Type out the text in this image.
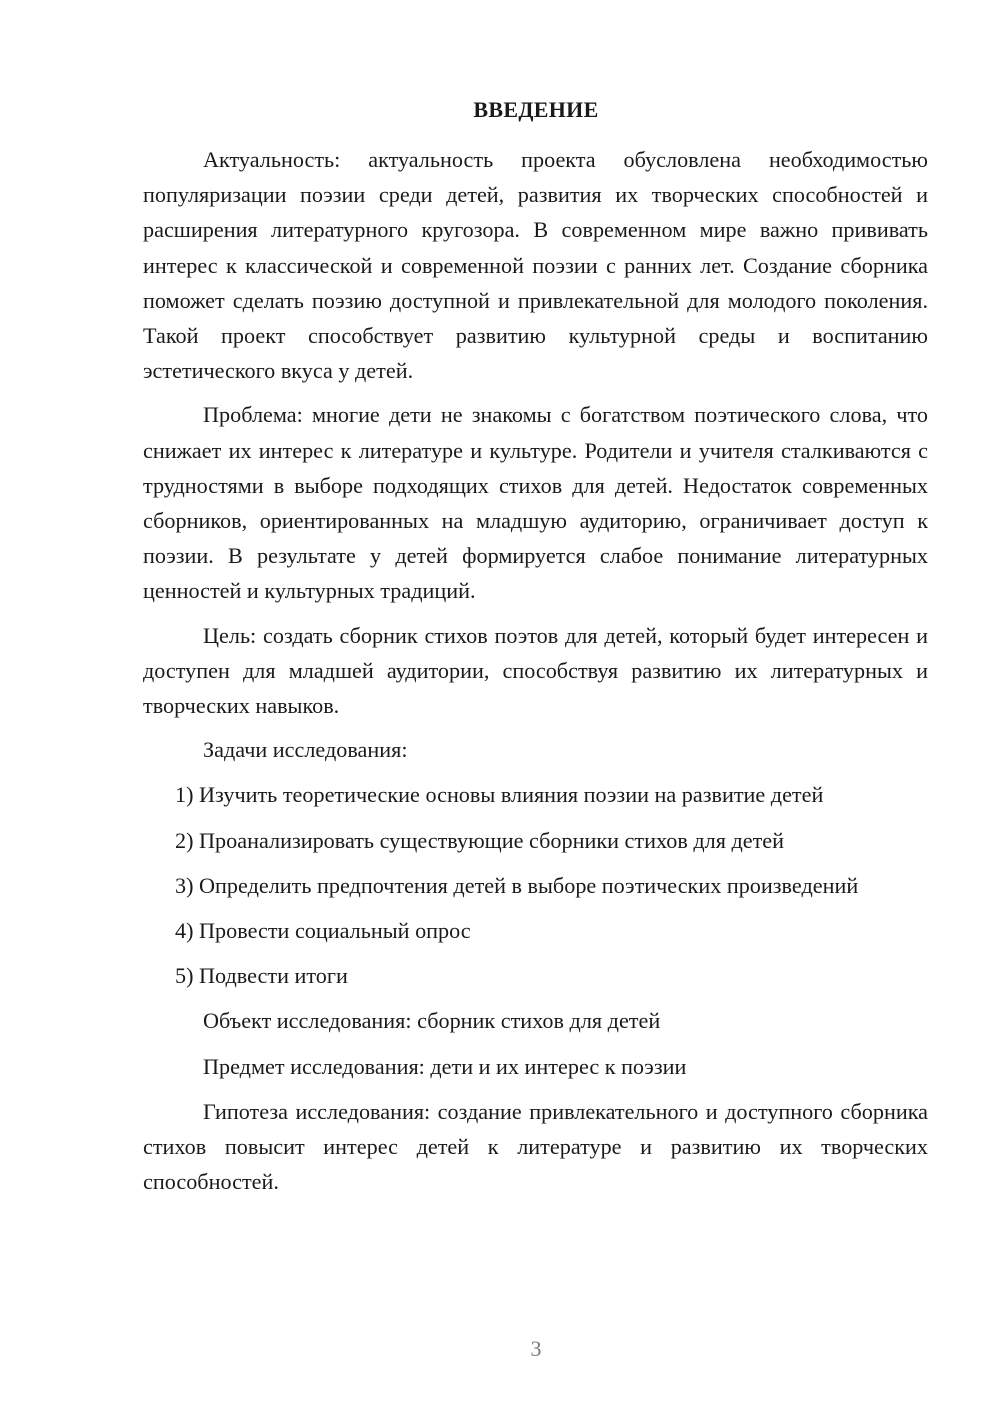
ВВЕДЕНИЕ

Актуальность: актуальность проекта обусловлена необходимостью популяризации поэзии среди детей, развития их творческих способностей и расширения литературного кругозора. В современном мире важно прививать интерес к классической и современной поэзии с ранних лет. Создание сборника поможет сделать поэзию доступной и привлекательной для молодого поколения. Такой проект способствует развитию культурной среды и воспитанию эстетического вкуса у детей.

Проблема: многие дети не знакомы с богатством поэтического слова, что снижает их интерес к литературе и культуре. Родители и учителя сталкиваются с трудностями в выборе подходящих стихов для детей. Недостаток современных сборников, ориентированных на младшую аудиторию, ограничивает доступ к поэзии. В результате у детей формируется слабое понимание литературных ценностей и культурных традиций.

Цель: создать сборник стихов поэтов для детей, который будет интересен и доступен для младшей аудитории, способствуя развитию их литературных и творческих навыков.

Задачи исследования:

1) Изучить теоретические основы влияния поэзии на развитие детей

2) Проанализировать существующие сборники стихов для детей

3) Определить предпочтения детей в выборе поэтических произведений

4) Провести социальный опрос

5) Подвести итоги

Объект исследования: сборник стихов для детей

Предмет исследования: дети и их интерес к поэзии

Гипотеза исследования: создание привлекательного и доступного сборника стихов повысит интерес детей к литературе и развитию их творческих способностей.

3
